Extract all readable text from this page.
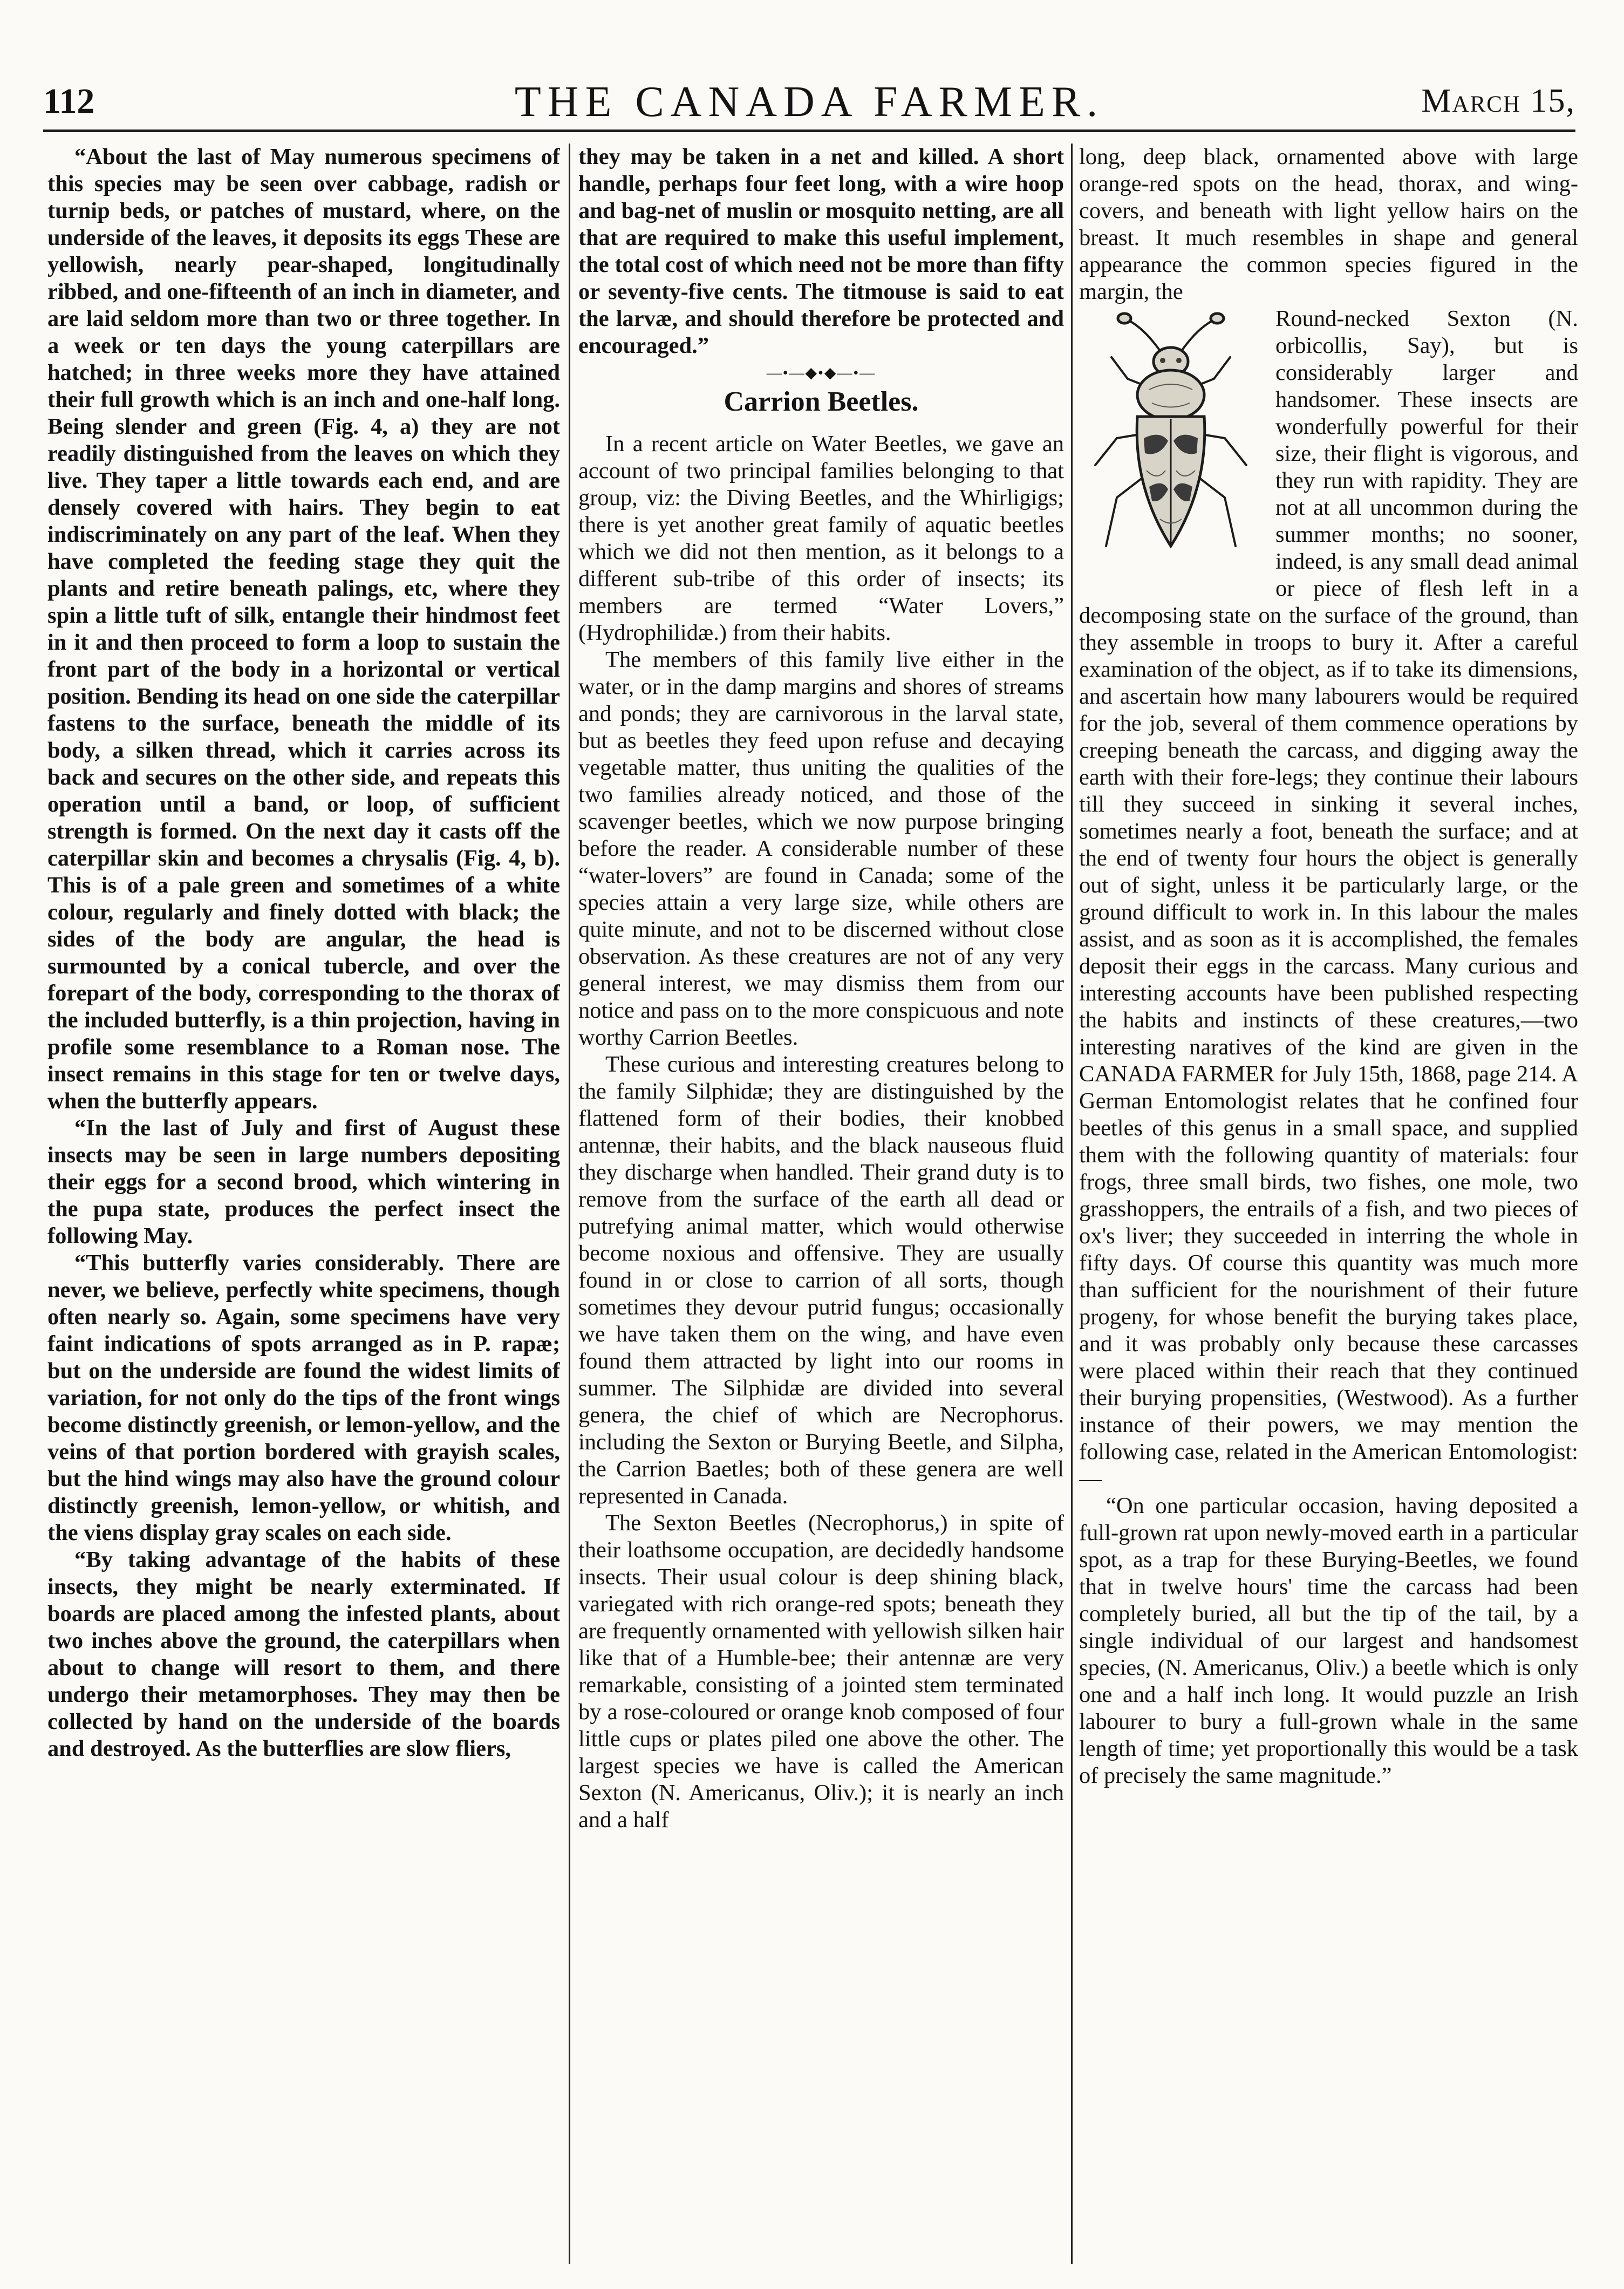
112	THE CANADA FARMER.	March 15,

“About the last of May numerous specimens of this species may be seen over cabbage, radish or turnip beds, or patches of mustard, where, on the underside of the leaves, it deposits its eggs These are yellowish, nearly pear-shaped, longitudinally ribbed, and one-fifteenth of an inch in diameter, and are laid seldom more than two or three together. In a week or ten days the young caterpillars are hatched; in three weeks more they have attained their full growth which is an inch and one-half long. Being slender and green (Fig. 4, a) they are not readily distinguished from the leaves on which they live. They taper a little towards each end, and are densely covered with hairs. They begin to eat indiscriminately on any part of the leaf. When they have completed the feeding stage they quit the plants and retire beneath palings, etc, where they spin a little tuft of silk, entangle their hindmost feet in it and then proceed to form a loop to sustain the front part of the body in a horizontal or vertical position. Bending its head on one side the caterpillar fastens to the surface, beneath the middle of its body, a silken thread, which it carries across its back and secures on the other side, and repeats this operation until a band, or loop, of sufficient strength is formed. On the next day it casts off the caterpillar skin and becomes a chrysalis (Fig. 4, b). This is of a pale green and sometimes of a white colour, regularly and finely dotted with black; the sides of the body are angular, the head is surmounted by a conical tubercle, and over the forepart of the body, corresponding to the thorax of the included butterfly, is a thin projection, having in profile some resemblance to a Roman nose. The insect remains in this stage for ten or twelve days, when the butterfly appears.

“In the last of July and first of August these insects may be seen in large numbers depositing their eggs for a second brood, which wintering in the pupa state, produces the perfect insect the following May.

“This butterfly varies considerably. There are never, we believe, perfectly white specimens, though often nearly so. Again, some specimens have very faint indications of spots arranged as in P. rapæ; but on the underside are found the widest limits of variation, for not only do the tips of the front wings become distinctly greenish, or lemon-yellow, and the veins of that portion bordered with grayish scales, but the hind wings may also have the ground colour distinctly greenish, lemon-yellow, or whitish, and the viens display gray scales on each side.

“By taking advantage of the habits of these insects, they might be nearly exterminated. If boards are placed among the infested plants, about two inches above the ground, the caterpillars when about to change will resort to them, and there undergo their metamorphoses. They may then be collected by hand on the underside of the boards and destroyed. As the butterflies are slow fliers,

they may be taken in a net and killed. A short handle, perhaps four feet long, with a wire hoop and bag-net of muslin or mosquito netting, are all that are required to make this useful implement, the total cost of which need not be more than fifty or seventy-five cents. The titmouse is said to eat the larvæ, and should therefore be protected and encouraged.”

—•—◆•◆—•—
Carrion Beetles.

In a recent article on Water Beetles, we gave an account of two principal families belonging to that group, viz: the Diving Beetles, and the Whirligigs; there is yet another great family of aquatic beetles which we did not then mention, as it belongs to a different sub-tribe of this order of insects; its members are termed “Water Lovers,” (Hydrophilidæ.) from their habits.

The members of this family live either in the water, or in the damp margins and shores of streams and ponds; they are carnivorous in the larval state, but as beetles they feed upon refuse and decaying vegetable matter, thus uniting the qualities of the two families already noticed, and those of the scavenger beetles, which we now purpose bringing before the reader. A considerable number of these “water-lovers” are found in Canada; some of the species attain a very large size, while others are quite minute, and not to be discerned without close observation. As these creatures are not of any very general interest, we may dismiss them from our notice and pass on to the more conspicuous and note worthy Carrion Beetles.

These curious and interesting creatures belong to the family Silphidæ; they are distinguished by the flattened form of their bodies, their knobbed antennæ, their habits, and the black nauseous fluid they discharge when handled. Their grand duty is to remove from the surface of the earth all dead or putrefying animal matter, which would otherwise become noxious and offensive. They are usually found in or close to carrion of all sorts, though sometimes they devour putrid fungus; occasionally we have taken them on the wing, and have even found them attracted by light into our rooms in summer. The Silphidæ are divided into several genera, the chief of which are Necrophorus. including the Sexton or Burying Beetle, and Silpha, the Carrion Baetles; both of these genera are well represented in Canada.

The Sexton Beetles (Necrophorus,) in spite of their loathsome occupation, are decidedly handsome insects. Their usual colour is deep shining black, variegated with rich orange-red spots; beneath they are frequently ornamented with yellowish silken hair like that of a Humble-bee; their antennæ are very remarkable, consisting of a jointed stem terminated by a rose-coloured or orange knob composed of four little cups or plates piled one above the other. The largest species we have is called the American Sexton (N. Americanus, Oliv.); it is nearly an inch and a half

long, deep black, ornamented above with large orange-red spots on the head, thorax, and wing-covers, and beneath with light yellow hairs on the breast. It much resembles in shape and general appearance the common species figured in the margin, the

Round-necked Sexton (N. orbicollis, Say), but is considerably larger and handsomer. These insects are wonderfully powerful for their size, their flight is vigorous, and they run with rapidity. They are not at all uncommon during the summer months; no sooner, indeed, is any small dead animal or piece of flesh left in a decomposing state on the surface of the ground, than they assemble in troops to bury it. After a careful examination of the object, as if to take its dimensions, and ascertain how many labourers would be required for the job, several of them commence operations by creeping beneath the carcass, and digging away the earth with their fore-legs; they continue their labours till they succeed in sinking it several inches, sometimes nearly a foot, beneath the surface; and at the end of twenty four hours the object is generally out of sight, unless it be particularly large, or the ground difficult to work in. In this labour the males assist, and as soon as it is accomplished, the females deposit their eggs in the carcass. Many curious and interesting accounts have been published respecting the habits and instincts of these creatures,—two interesting naratives of the kind are given in the CANADA FARMER for July 15th, 1868, page 214. A German Entomologist relates that he confined four beetles of this genus in a small space, and supplied them with the following quantity of materials: four frogs, three small birds, two fishes, one mole, two grasshoppers, the entrails of a fish, and two pieces of ox's liver; they succeeded in interring the whole in fifty days. Of course this quantity was much more than sufficient for the nourishment of their future progeny, for whose benefit the burying takes place, and it was probably only because these carcasses were placed within their reach that they continued their burying propensities, (Westwood). As a further instance of their powers, we may mention the following case, related in the American Entomologist:—

“On one particular occasion, having deposited a full-grown rat upon newly-moved earth in a particular spot, as a trap for these Burying-Beetles, we found that in twelve hours' time the carcass had been completely buried, all but the tip of the tail, by a single individual of our largest and handsomest species, (N. Americanus, Oliv.) a beetle which is only one and a half inch long. It would puzzle an Irish labourer to bury a full-grown whale in the same length of time; yet proportionally this would be a task of precisely the same magnitude.”
